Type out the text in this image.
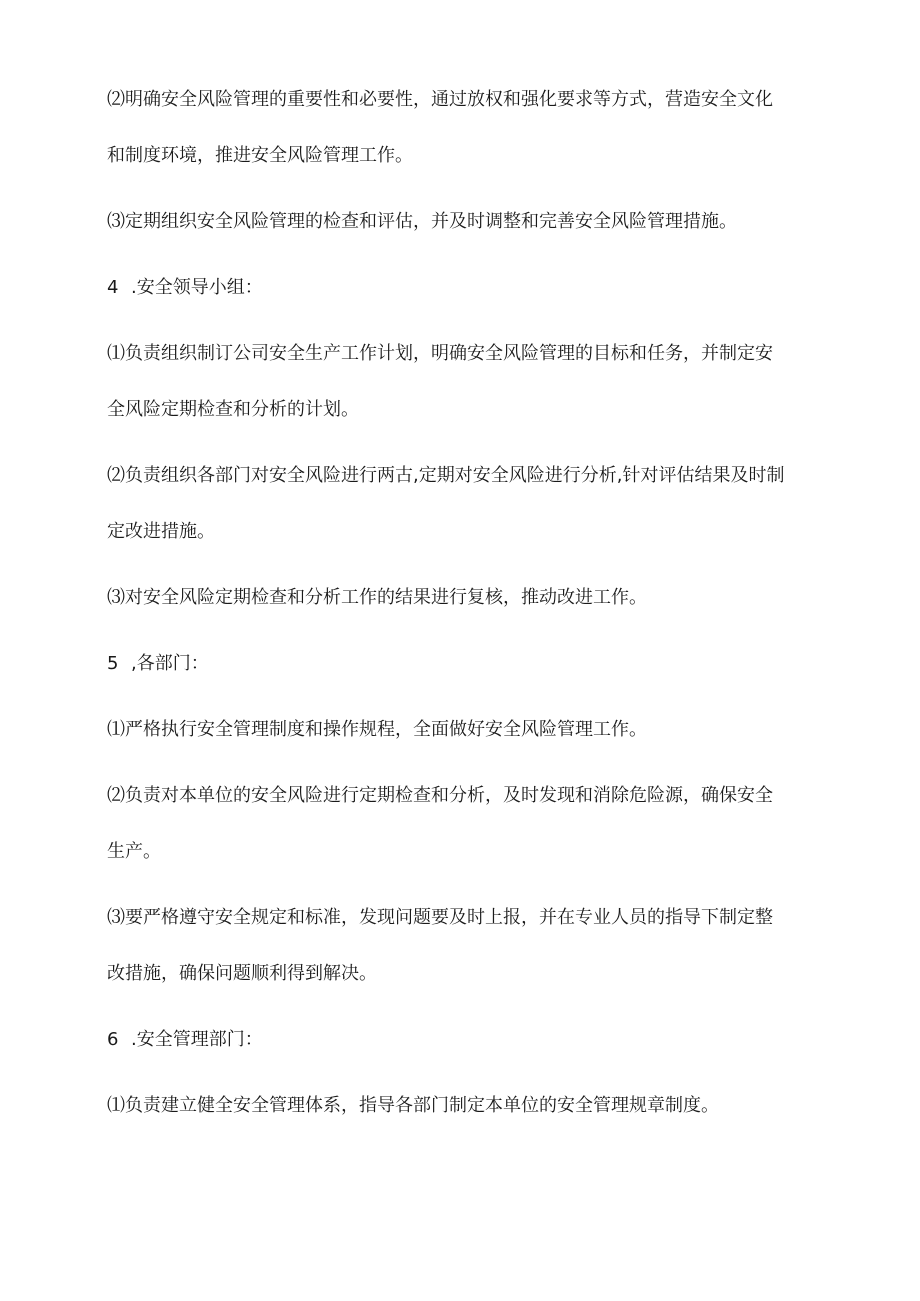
⑵明确安全风险管理的重要性和必要性，通过放权和强化要求等方式，营造安全文化
和制度环境，推进安全风险管理工作。

⑶定期组织安全风险管理的检查和评估，并及时调整和完善安全风险管理措施。

4 .安全领导小组：

⑴负责组织制订公司安全生产工作计划，明确安全风险管理的目标和任务，并制定安
全风险定期检查和分析的计划。

⑵负责组织各部门对安全风险进行两古,定期对安全风险进行分析,针对评估结果及时制
定改进措施。

⑶对安全风险定期检查和分析工作的结果进行复核，推动改进工作。

5 ,各部门：

⑴严格执行安全管理制度和操作规程，全面做好安全风险管理工作。

⑵负责对本单位的安全风险进行定期检查和分析，及时发现和消除危险源，确保安全
生产。

⑶要严格遵守安全规定和标准，发现问题要及时上报，并在专业人员的指导下制定整
改措施，确保问题顺利得到解决。

6 .安全管理部门：

⑴负责建立健全安全管理体系，指导各部门制定本单位的安全管理规章制度。
